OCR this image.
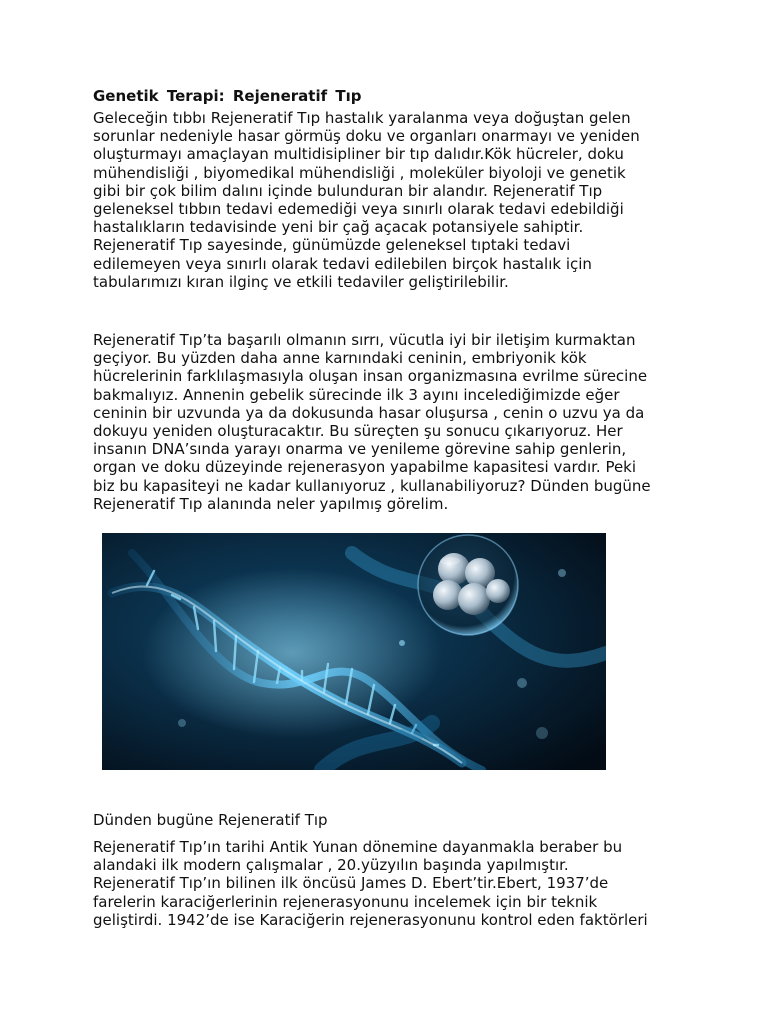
Genetik Terapi: Rejeneratif Tıp

Geleceğin tıbbı Rejeneratif Tıp hastalık yaralanma veya doğuştan gelen
sorunlar nedeniyle hasar görmüş doku ve organları onarmayı ve yeniden
oluşturmayı amaçlayan multidisipliner bir tıp dalıdır.Kök hücreler, doku
mühendisliği , biyomedikal mühendisliği , moleküler biyoloji ve genetik
gibi bir çok bilim dalını içinde bulunduran bir alandır. Rejeneratif Tıp
geleneksel tıbbın tedavi edemediği veya sınırlı olarak tedavi edebildiği
hastalıkların tedavisinde yeni bir çağ açacak potansiyele sahiptir.
Rejeneratif Tıp sayesinde, günümüzde geleneksel tıptaki tedavi
edilemeyen veya sınırlı olarak tedavi edilebilen birçok hastalık için
tabularımızı kıran ilginç ve etkili tedaviler geliştirilebilir.

Rejeneratif Tıp’ta başarılı olmanın sırrı, vücutla iyi bir iletişim kurmaktan
geçiyor. Bu yüzden daha anne karnındaki ceninin, embriyonik kök
hücrelerinin farklılaşmasıyla oluşan insan organizmasına evrilme sürecine
bakmalıyız. Annenin gebelik sürecinde ilk 3 ayını incelediğimizde eğer
ceninin bir uzvunda ya da dokusunda hasar oluşursa , cenin o uzvu ya da
dokuyu yeniden oluşturacaktır. Bu süreçten şu sonucu çıkarıyoruz. Her
insanın DNA’sında yarayı onarma ve yenileme görevine sahip genlerin,
organ ve doku düzeyinde rejenerasyon yapabilme kapasitesi vardır. Peki
biz bu kapasiteyi ne kadar kullanıyoruz , kullanabiliyoruz? Dünden bugüne
Rejeneratif Tıp alanında neler yapılmış görelim.

Dünden bugüne Rejeneratif Tıp

Rejeneratif Tıp’ın tarihi Antik Yunan dönemine dayanmakla beraber bu
alandaki ilk modern çalışmalar , 20.yüzyılın başında yapılmıştır.
Rejeneratif Tıp’ın bilinen ilk öncüsü James D. Ebert’tir.Ebert, 1937’de
farelerin karaciğerlerinin rejenerasyonunu incelemek için bir teknik
geliştirdi. 1942’de ise Karaciğerin rejenerasyonunu kontrol eden faktörleri
